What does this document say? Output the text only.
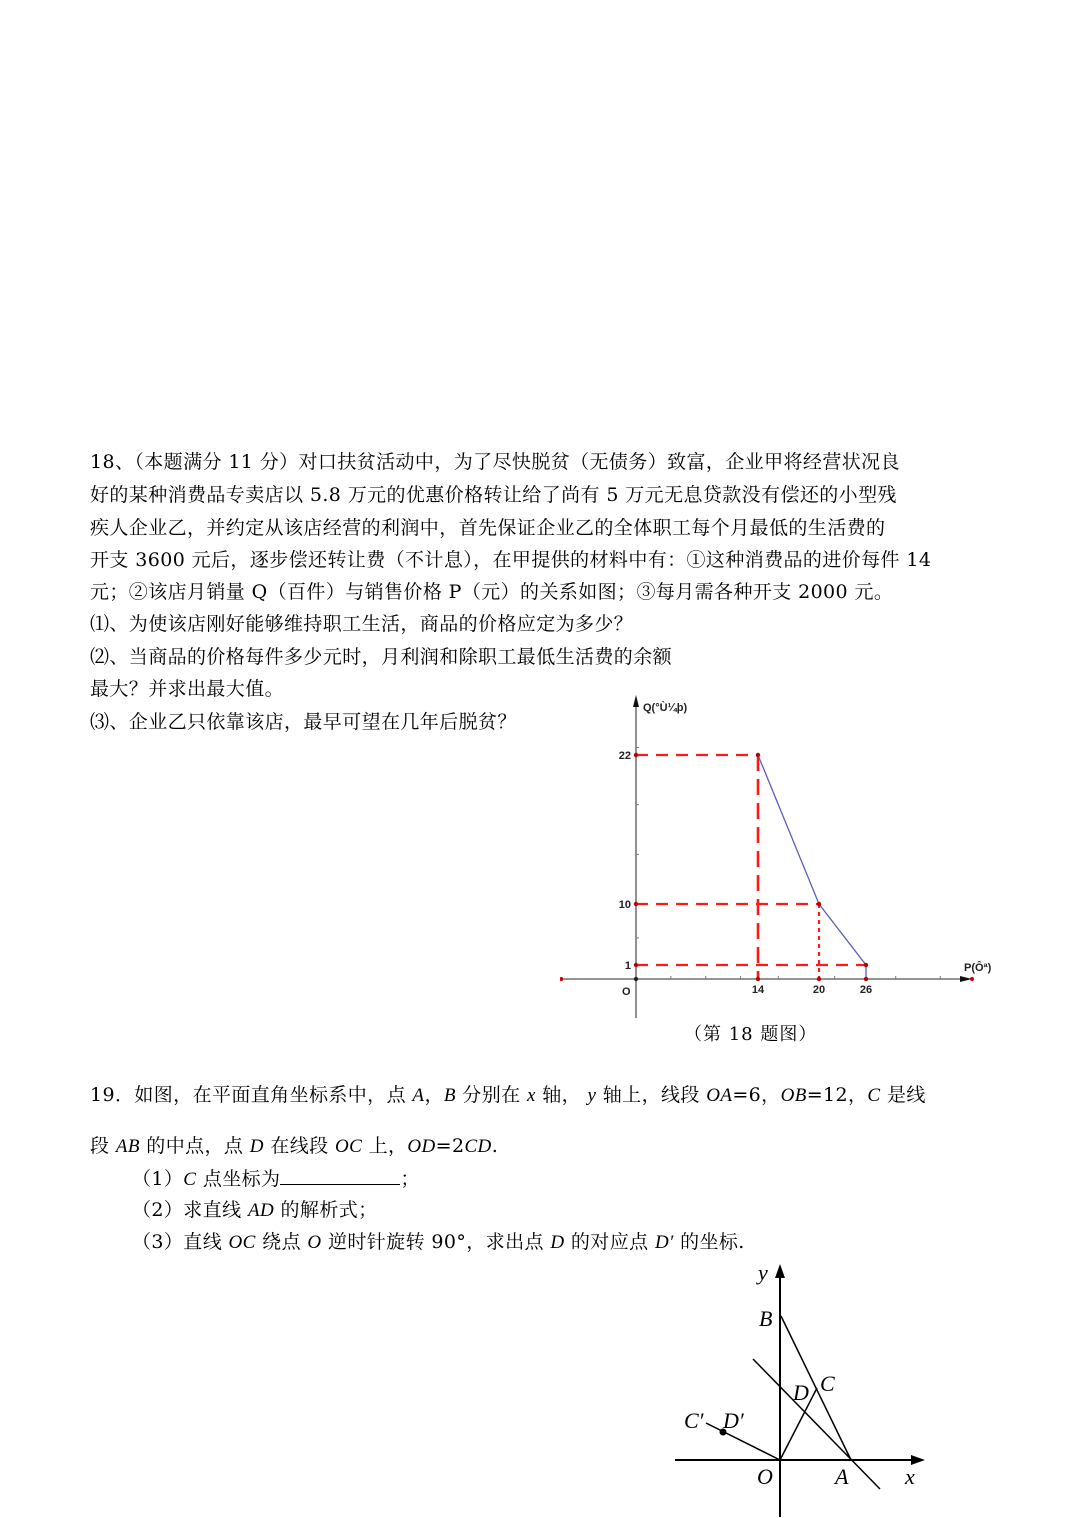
18、（本题满分 11 分）对口扶贫活动中，为了尽快脱贫（无债务）致富，企业甲将经营状况良
好的某种消费品专卖店以 5.8 万元的优惠价格转让给了尚有 5 万元无息贷款没有偿还的小型残
疾人企业乙，并约定从该店经营的利润中，首先保证企业乙的全体职工每个月最低的生活费的
开支 3600 元后，逐步偿还转让费（不计息），在甲提供的材料中有：①这种消费品的进价每件 14
元；②该店月销量 Q（百件）与销售价格 P（元）的关系如图；③每月需各种开支 2000 元。
⑴、为使该店刚好能够维持职工生活，商品的价格应定为多少？
⑵、当商品的价格每件多少元时，月利润和除职工最低生活费的余额
最大？并求出最大值。
⑶、企业乙只依靠该店，最早可望在几年后脱贫？
Q(°Ù¼þ)
P(Ôª)
O	14	20	26
1
10
22
（第 18 题图）
19．如图，在平面直角坐标系中，点 A，B 分别在 x 轴， y 轴上，线段 OA=6，OB=12，C 是线
段 AB 的中点，点 D 在线段 OC 上，OD=2CD.
（1）C 点坐标为	；
（2）求直线 AD 的解析式；
（3）直线 OC 绕点 O 逆时针旋转 90°，求出点 D 的对应点 D′ 的坐标.
y
B
C
D
C′ D′
O	A	x
